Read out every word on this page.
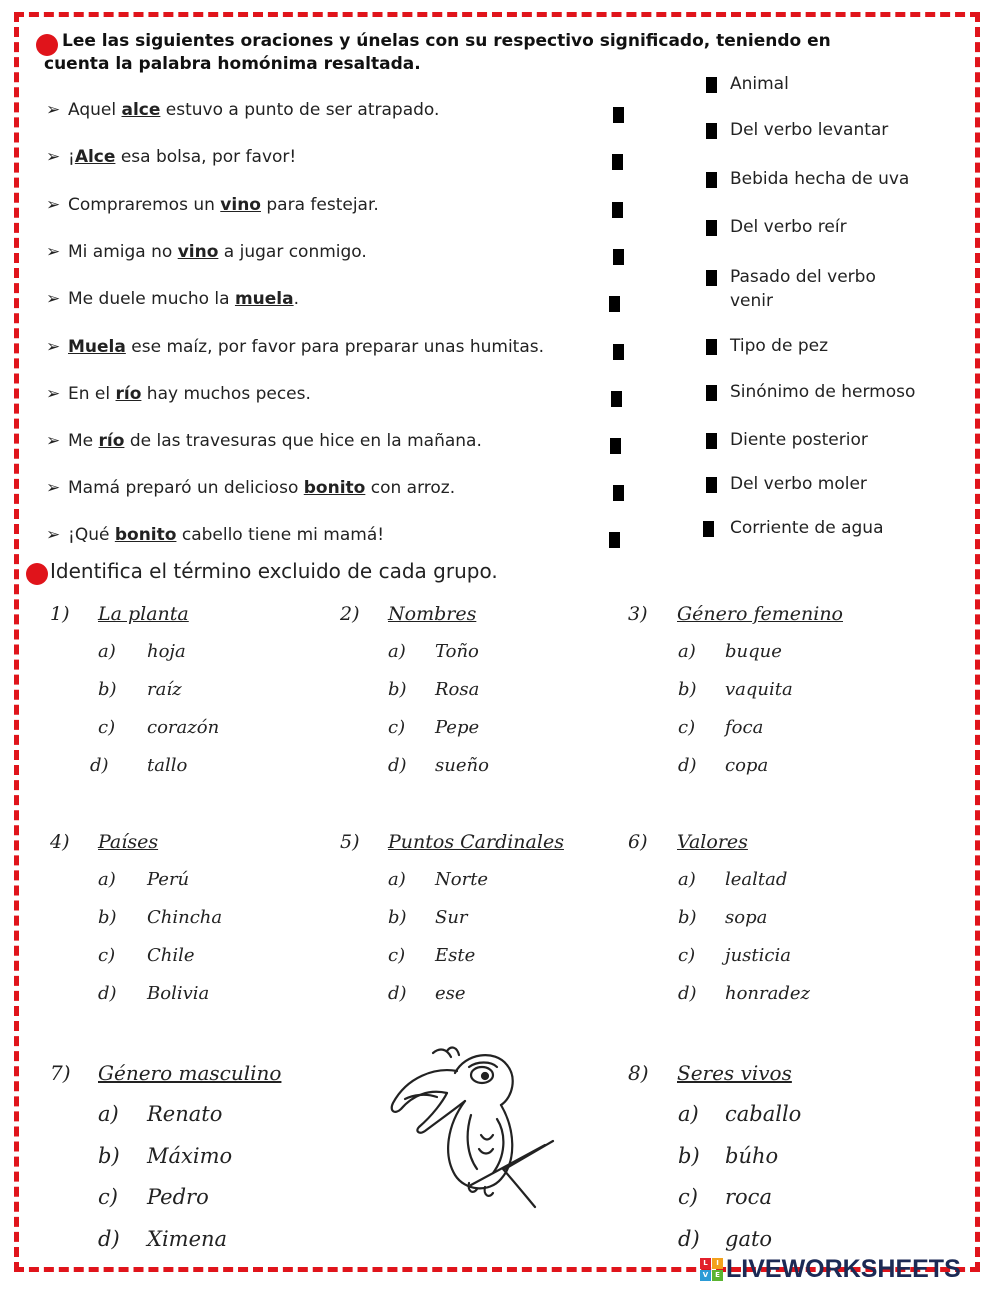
Lee las siguientes oraciones y únelas con su respectivo significado, teniendo en
cuenta la palabra homónima resaltada.
➢ Aquel alce estuvo a punto de ser atrapado.
➢ ¡Alce esa bolsa, por favor!
➢ Compraremos un vino para festejar.
➢ Mi amiga no vino a jugar conmigo.
➢ Me duele mucho la muela.
➢ Muela ese maíz, por favor para preparar unas humitas.
➢ En el río hay muchos peces.
➢ Me río de las travesuras que hice en la mañana.
➢ Mamá preparó un delicioso bonito con arroz.
➢ ¡Qué bonito cabello tiene mi mamá!
Animal
Del verbo levantar
Bebida hecha de uva
Del verbo reír
Pasado del verbo
venir
Tipo de pez
Sinónimo de hermoso
Diente posterior
Del verbo moler
Corriente de agua
Identifica el término excluido de cada grupo.
1) La planta
a) hoja
b) raíz
c) corazón
d) tallo
2) Nombres
a) Toño
b) Rosa
c) Pepe
d) sueño
3) Género femenino
a) buque
b) vaquita
c) foca
d) copa
4) Países
a) Perú
b) Chincha
c) Chile
d) Bolivia
5) Puntos Cardinales
a) Norte
b) Sur
c) Este
d) ese
6) Valores
a) lealtad
b) sopa
c) justicia
d) honradez
7) Género masculino
a) Renato
b) Máximo
c) Pedro
d) Ximena
8) Seres vivos
a) caballo
b) búho
c) roca
d) gato
L	I
V E LIVEWORKSHEETS
